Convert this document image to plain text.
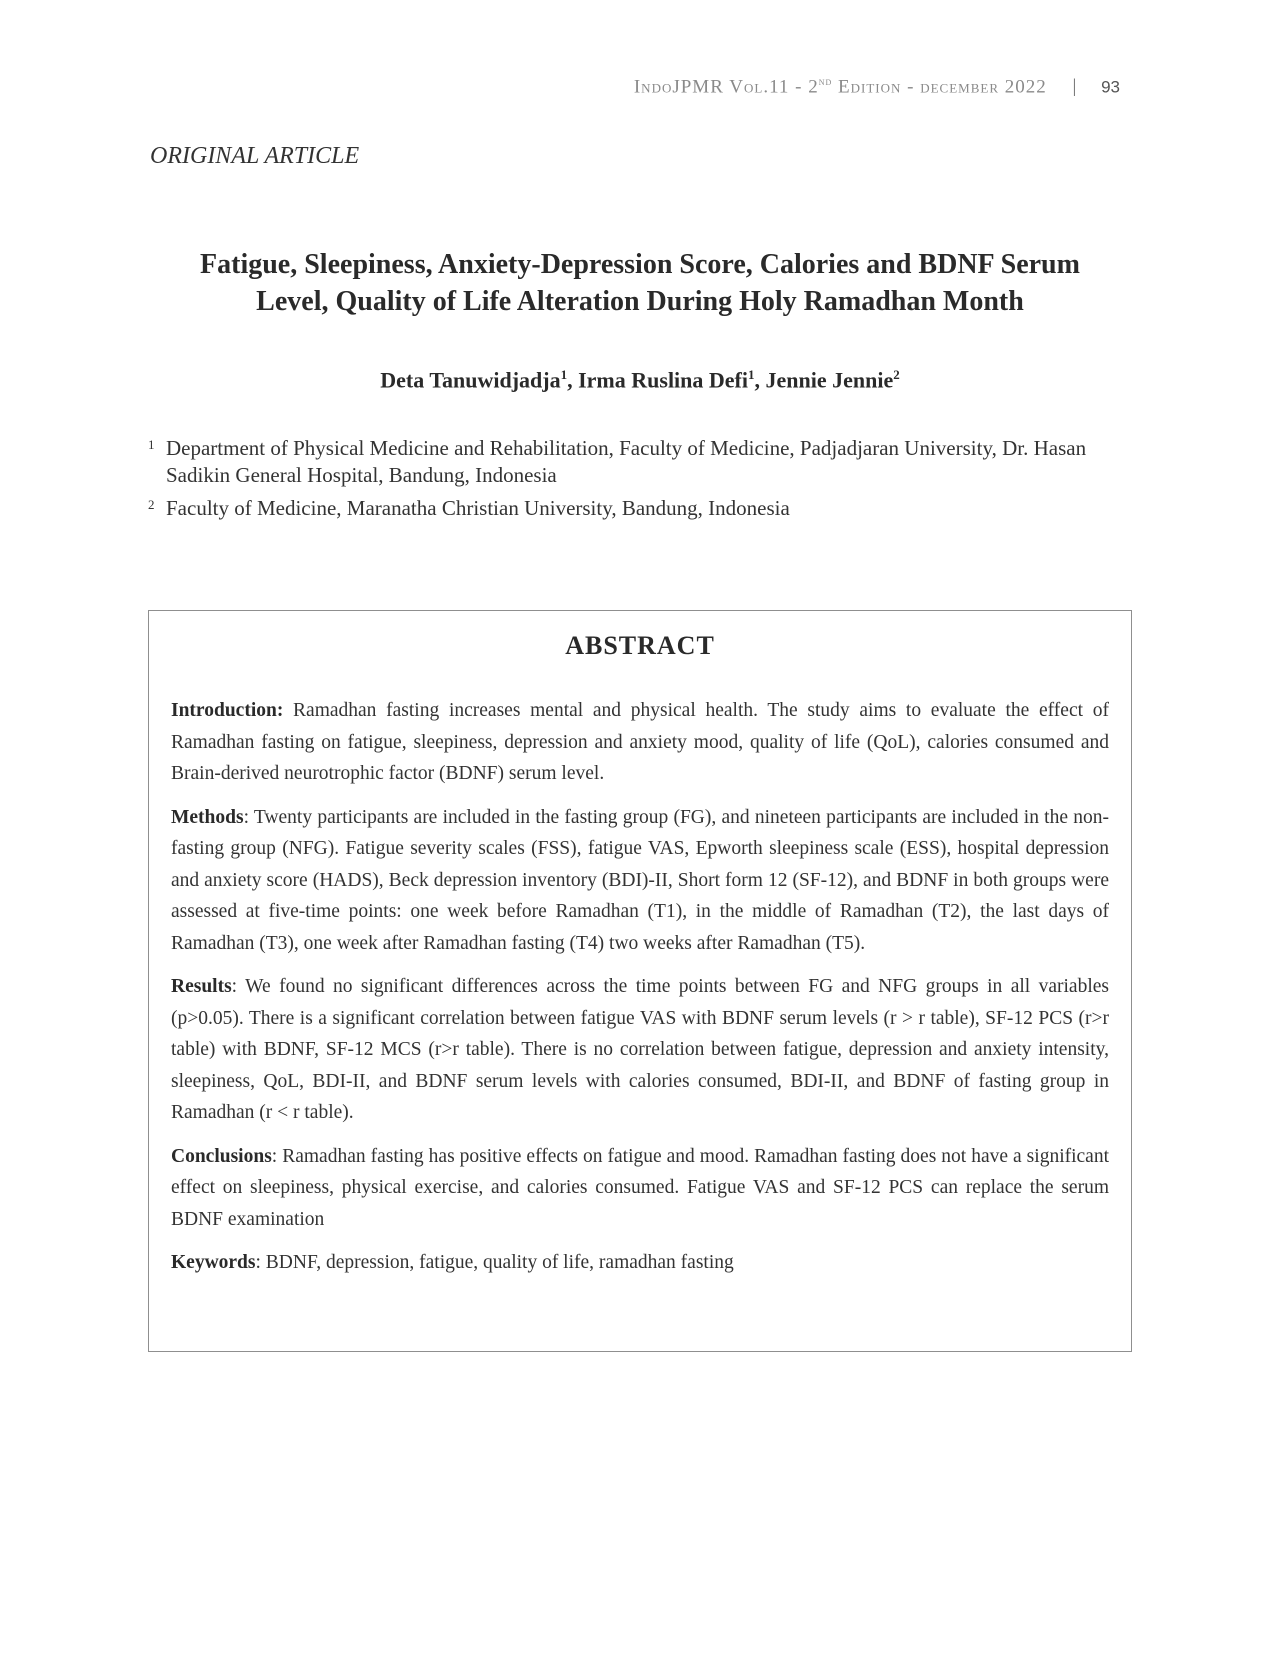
IndoJPMR Vol.11 - 2nd Edition - december 2022 | 93
ORIGINAL ARTICLE
Fatigue, Sleepiness, Anxiety-Depression Score, Calories and BDNF Serum
Level, Quality of Life Alteration During Holy Ramadhan Month
Deta Tanuwidjadja$^1$, Irma Ruslina Defi$^1$, Jennie Jennie$^2$
1 Department of Physical Medicine and Rehabilitation, Faculty of Medicine, Padjadjaran University, Dr. Hasan Sadikin General Hospital, Bandung, Indonesia
2 Faculty of Medicine, Maranatha Christian University, Bandung, Indonesia
ABSTRACT

Introduction: Ramadhan fasting increases mental and physical health. The study aims to evaluate the effect of Ramadhan fasting on fatigue, sleepiness, depression and anxiety mood, quality of life (QoL), calories consumed and Brain-derived neurotrophic factor (BDNF) serum level.

Methods: Twenty participants are included in the fasting group (FG), and nineteen participants are included in the non-fasting group (NFG). Fatigue severity scales (FSS), fatigue VAS, Epworth sleepiness scale (ESS), hospital depression and anxiety score (HADS), Beck depression inventory (BDI)-II, Short form 12 (SF-12), and BDNF in both groups were assessed at five-time points: one week before Ramadhan (T1), in the middle of Ramadhan (T2), the last days of Ramadhan (T3), one week after Ramadhan fasting (T4) two weeks after Ramadhan (T5).

Results: We found no significant differences across the time points between FG and NFG groups in all variables (p>0.05). There is a significant correlation between fatigue VAS with BDNF serum levels (r > r table), SF-12 PCS (r>r table) with BDNF, SF-12 MCS (r>r table). There is no correlation between fatigue, depression and anxiety intensity, sleepiness, QoL, BDI-II, and BDNF serum levels with calories consumed, BDI-II, and BDNF of fasting group in Ramadhan (r < r table).

Conclusions: Ramadhan fasting has positive effects on fatigue and mood. Ramadhan fasting does not have a significant effect on sleepiness, physical exercise, and calories consumed. Fatigue VAS and SF-12 PCS can replace the serum BDNF examination

Keywords: BDNF, depression, fatigue, quality of life, ramadhan fasting
